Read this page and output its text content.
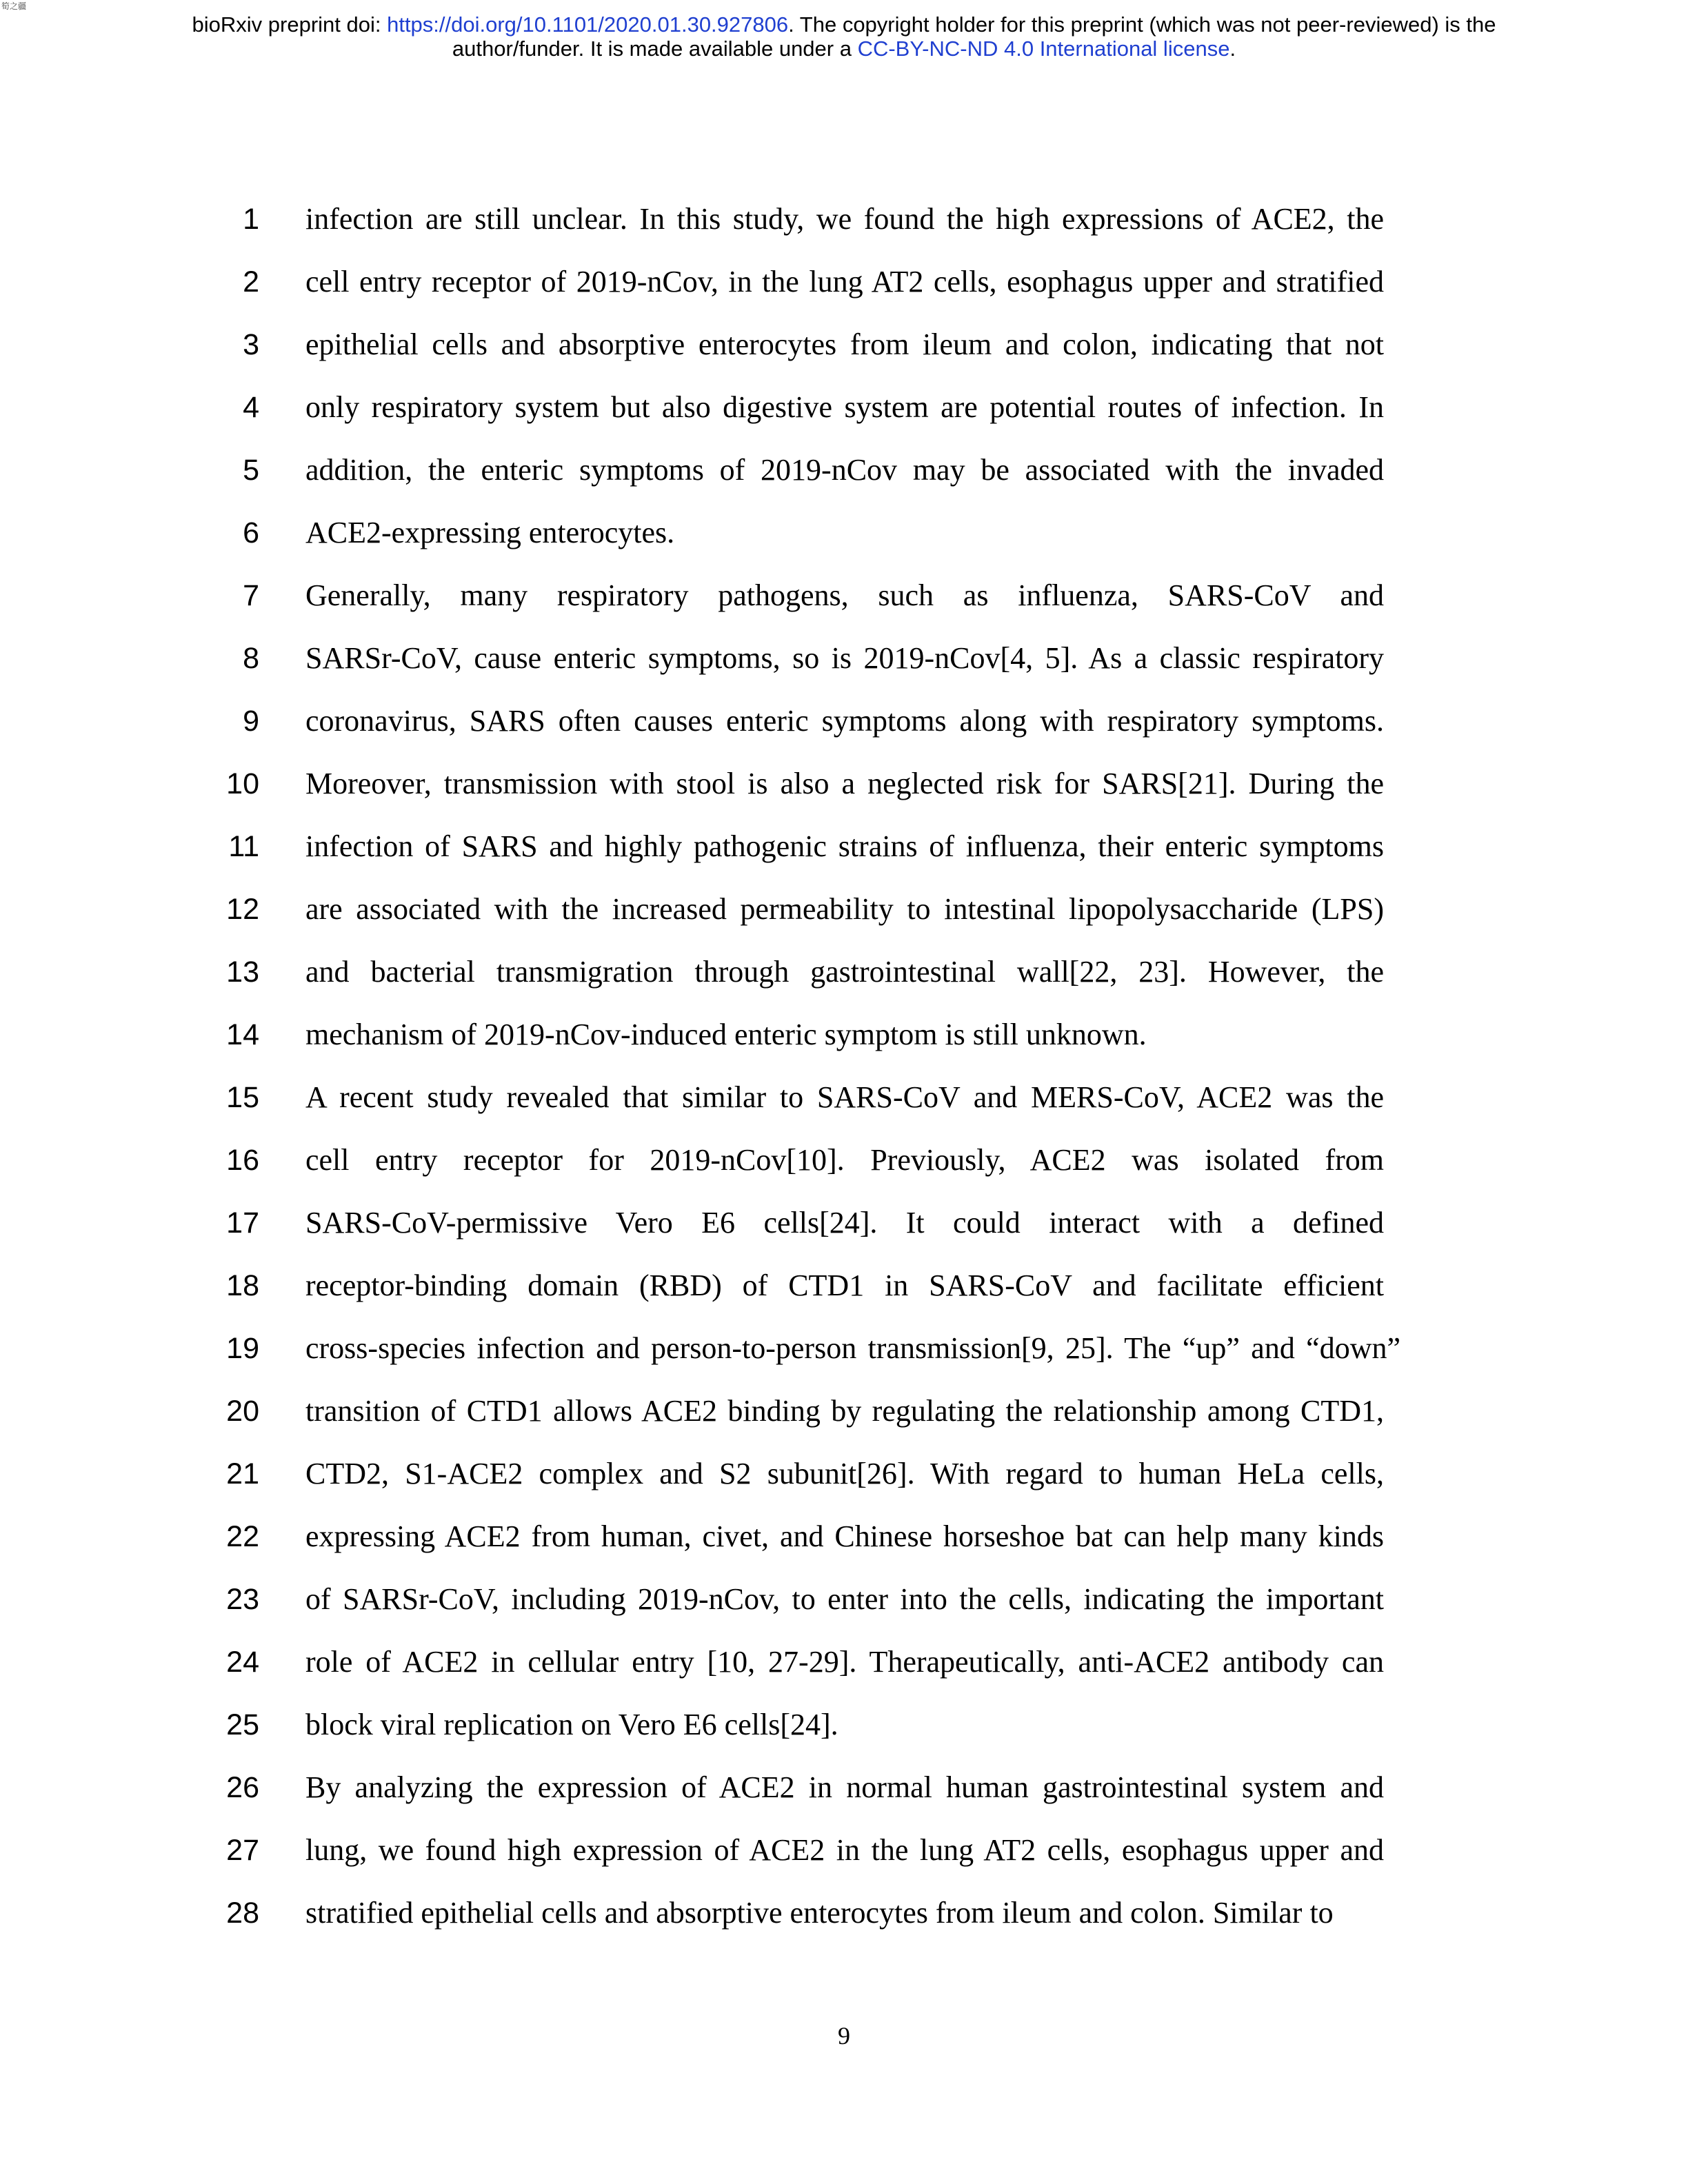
筍之疆
bioRxiv preprint doi: https://doi.org/10.1101/2020.01.30.927806. The copyright holder for this preprint (which was not peer-reviewed) is the
author/funder. It is made available under a CC-BY-NC-ND 4.0 International license.
1 infection are still unclear. In this study, we found the high expressions of ACE2, the
2 cell entry receptor of 2019-nCov, in the lung AT2 cells, esophagus upper and stratified
3 epithelial cells and absorptive enterocytes from ileum and colon, indicating that not
4 only respiratory system but also digestive system are potential routes of infection. In
5 addition, the enteric symptoms of 2019-nCov may be associated with the invaded
6 ACE2-expressing enterocytes.
7 Generally, many respiratory pathogens, such as influenza, SARS-CoV and
8 SARSr-CoV, cause enteric symptoms, so is 2019-nCov[4, 5]. As a classic respiratory
9 coronavirus, SARS often causes enteric symptoms along with respiratory symptoms.
10 Moreover, transmission with stool is also a neglected risk for SARS[21]. During the
11 infection of SARS and highly pathogenic strains of influenza, their enteric symptoms
12 are associated with the increased permeability to intestinal lipopolysaccharide (LPS)
13 and bacterial transmigration through gastrointestinal wall[22, 23]. However, the
14 mechanism of 2019-nCov-induced enteric symptom is still unknown.
15 A recent study revealed that similar to SARS-CoV and MERS-CoV, ACE2 was the
16 cell entry receptor for 2019-nCov[10]. Previously, ACE2 was isolated from
17 SARS-CoV-permissive Vero E6 cells[24]. It could interact with a defined
18 receptor-binding domain (RBD) of CTD1 in SARS-CoV and facilitate efficient
19 cross-species infection and person-to-person transmission[9, 25]. The “up” and “down”
20 transition of CTD1 allows ACE2 binding by regulating the relationship among CTD1,
21 CTD2, S1-ACE2 complex and S2 subunit[26]. With regard to human HeLa cells,
22 expressing ACE2 from human, civet, and Chinese horseshoe bat can help many kinds
23 of SARSr-CoV, including 2019-nCov, to enter into the cells, indicating the important
24 role of ACE2 in cellular entry [10, 27-29]. Therapeutically, anti-ACE2 antibody can
25 block viral replication on Vero E6 cells[24].
26 By analyzing the expression of ACE2 in normal human gastrointestinal system and
27 lung, we found high expression of ACE2 in the lung AT2 cells, esophagus upper and
28 stratified epithelial cells and absorptive enterocytes from ileum and colon. Similar to
9
